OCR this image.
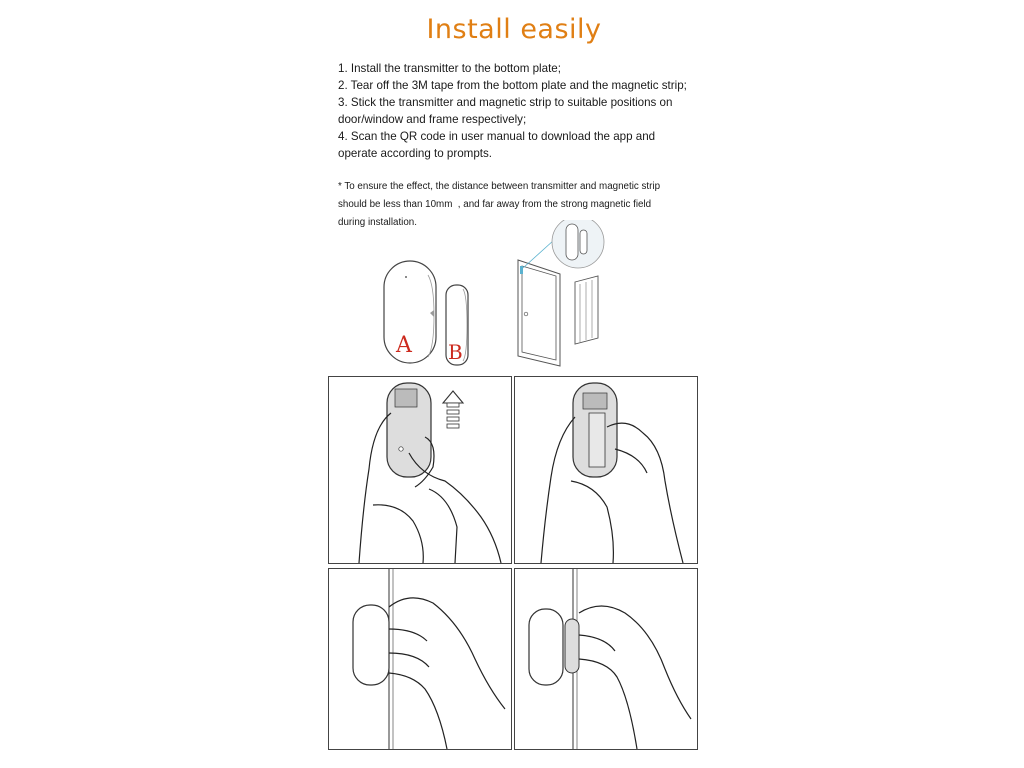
Install easily
1. Install the transmitter to the bottom plate;
2. Tear off the 3M tape from the bottom plate and the magnetic strip;
3. Stick the transmitter and magnetic strip to suitable positions on
door/window and frame respectively;
4. Scan the QR code in user manual to download the app and
operate according to prompts.
* To ensure the effect, the distance between transmitter and magnetic strip
should be less than 10mm  , and far away from the strong magnetic field
during installation.
A B
